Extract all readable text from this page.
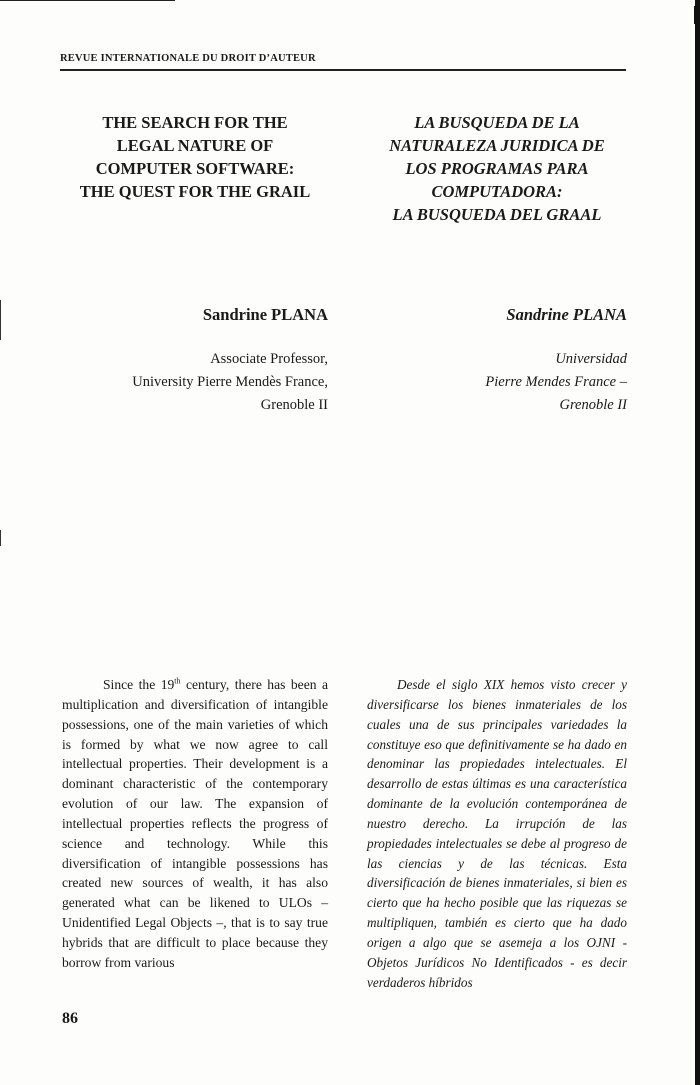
REVUE INTERNATIONALE DU DROIT D’AUTEUR
THE SEARCH FOR THE
LEGAL NATURE OF
COMPUTER SOFTWARE:
THE QUEST FOR THE GRAIL
LA BUSQUEDA DE LA
NATURALEZA JURIDICA DE
LOS PROGRAMAS PARA
COMPUTADORA:
LA BUSQUEDA DEL GRAAL
Sandrine PLANA	Sandrine PLANA
Associate Professor,
University Pierre Mendès France,
Grenoble II
Universidad
Pierre Mendes France –
Grenoble II

Since the 19th century, there has been a multiplication and diversification of intangible possessions, one of the main varieties of which is formed by what we now agree to call intellectual properties. Their development is a dominant characteristic of the contemporary evolution of our law. The expansion of intellectual properties reflects the progress of science and technology. While this diversification of intangible possessions has created new sources of wealth, it has also generated what can be likened to ULOs – Unidentified Legal Objects –, that is to say true hybrids that are difficult to place because they borrow from various

Desde el siglo XIX hemos visto crecer y diversificarse los bienes inmateriales de los cuales una de sus principales variedades la constituye eso que definitivamente se ha dado en denominar las propiedades intelectuales. El desarrollo de estas últimas es una característica dominante de la evolución contemporánea de nuestro derecho. La irrupción de las propiedades intelectuales se debe al progreso de las ciencias y de las técnicas. Esta diversificación de bienes inmateriales, si bien es cierto que ha hecho posible que las riquezas se multipliquen, también es cierto que ha dado origen a algo que se asemeja a los OJNI - Objetos Jurídicos No Identificados - es decir verdaderos híbridos

86
